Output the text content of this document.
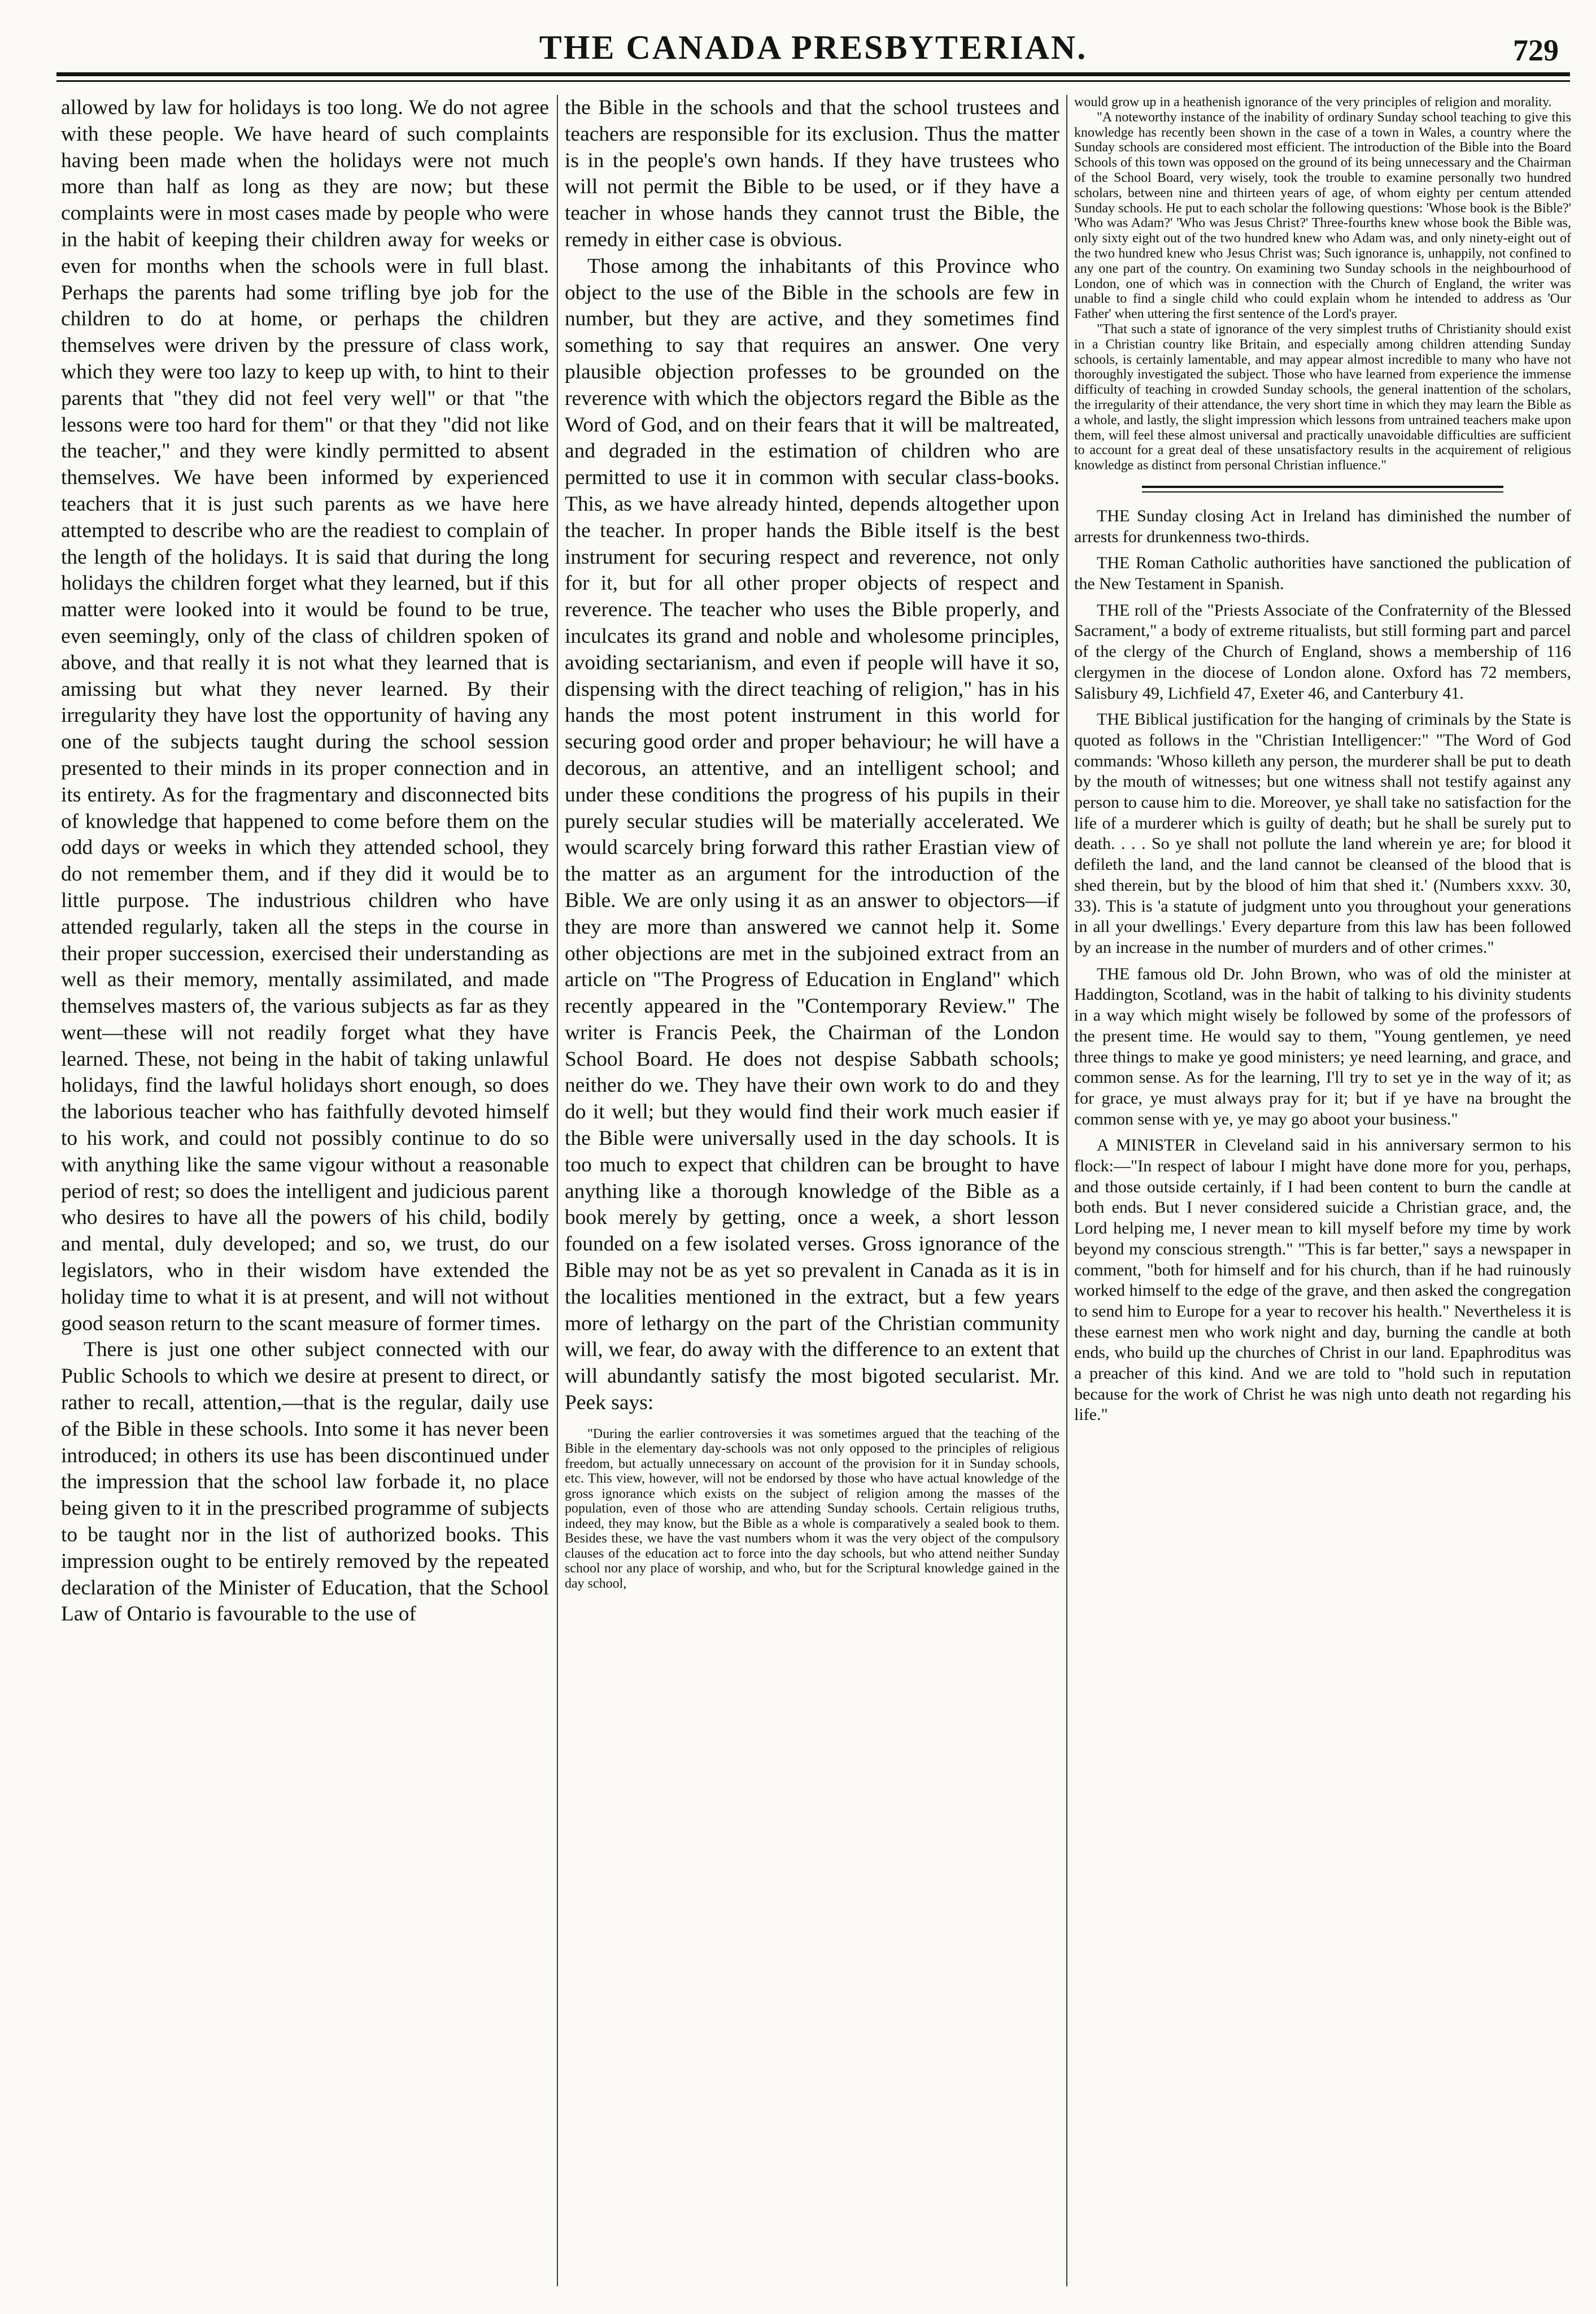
THE CANADA PRESBYTERIAN.	729

allowed by law for holidays is too long. We do not agree with these people. We have heard of such complaints having been made when the holidays were not much more than half as long as they are now; but these complaints were in most cases made by people who were in the habit of keeping their children away for weeks or even for months when the schools were in full blast. Perhaps the parents had some trifling bye job for the children to do at home, or perhaps the children themselves were driven by the pressure of class work, which they were too lazy to keep up with, to hint to their parents that "they did not feel very well" or that "the lessons were too hard for them" or that they "did not like the teacher," and they were kindly permitted to absent themselves. We have been informed by experienced teachers that it is just such parents as we have here attempted to describe who are the readiest to complain of the length of the holidays. It is said that during the long holidays the children forget what they learned, but if this matter were looked into it would be found to be true, even seemingly, only of the class of children spoken of above, and that really it is not what they learned that is amissing but what they never learned. By their irregularity they have lost the opportunity of having any one of the subjects taught during the school session presented to their minds in its proper connection and in its entirety. As for the fragmentary and disconnected bits of knowledge that happened to come before them on the odd days or weeks in which they attended school, they do not remember them, and if they did it would be to little purpose. The industrious children who have attended regularly, taken all the steps in the course in their proper succession, exercised their understanding as well as their memory, mentally assimilated, and made themselves masters of, the various subjects as far as they went—these will not readily forget what they have learned. These, not being in the habit of taking unlawful holidays, find the lawful holidays short enough, so does the laborious teacher who has faithfully devoted himself to his work, and could not possibly continue to do so with anything like the same vigour without a reasonable period of rest; so does the intelligent and judicious parent who desires to have all the powers of his child, bodily and mental, duly developed; and so, we trust, do our legislators, who in their wisdom have extended the holiday time to what it is at present, and will not without good season return to the scant measure of former times.

There is just one other subject connected with our Public Schools to which we desire at present to direct, or rather to recall, attention,—that is the regular, daily use of the Bible in these schools. Into some it has never been introduced; in others its use has been discontinued under the impression that the school law forbade it, no place being given to it in the prescribed programme of subjects to be taught nor in the list of authorized books. This impression ought to be entirely removed by the repeated declaration of the Minister of Education, that the School Law of Ontario is favourable to the use of

the Bible in the schools and that the school trustees and teachers are responsible for its exclusion. Thus the matter is in the people's own hands. If they have trustees who will not permit the Bible to be used, or if they have a teacher in whose hands they cannot trust the Bible, the remedy in either case is obvious.

Those among the inhabitants of this Province who object to the use of the Bible in the schools are few in number, but they are active, and they sometimes find something to say that requires an answer. One very plausible objection professes to be grounded on the reverence with which the objectors regard the Bible as the Word of God, and on their fears that it will be maltreated, and degraded in the estimation of children who are permitted to use it in common with secular class-books. This, as we have already hinted, depends altogether upon the teacher. In proper hands the Bible itself is the best instrument for securing respect and reverence, not only for it, but for all other proper objects of respect and reverence. The teacher who uses the Bible properly, and inculcates its grand and noble and wholesome principles, avoiding sectarianism, and even if people will have it so, dispensing with the direct teaching of religion," has in his hands the most potent instrument in this world for securing good order and proper behaviour; he will have a decorous, an attentive, and an intelligent school; and under these conditions the progress of his pupils in their purely secular studies will be materially accelerated. We would scarcely bring forward this rather Erastian view of the matter as an argument for the introduction of the Bible. We are only using it as an answer to objectors—if they are more than answered we cannot help it. Some other objections are met in the subjoined extract from an article on "The Progress of Education in England" which recently appeared in the "Contemporary Review." The writer is Francis Peek, the Chairman of the London School Board. He does not despise Sabbath schools; neither do we. They have their own work to do and they do it well; but they would find their work much easier if the Bible were universally used in the day schools. It is too much to expect that children can be brought to have anything like a thorough knowledge of the Bible as a book merely by getting, once a week, a short lesson founded on a few isolated verses. Gross ignorance of the Bible may not be as yet so prevalent in Canada as it is in the localities mentioned in the extract, but a few years more of lethargy on the part of the Christian community will, we fear, do away with the difference to an extent that will abundantly satisfy the most bigoted secularist. Mr. Peek says:

"During the earlier controversies it was sometimes argued that the teaching of the Bible in the elementary day-schools was not only opposed to the principles of religious freedom, but actually unnecessary on account of the provision for it in Sunday schools, etc. This view, however, will not be endorsed by those who have actual knowledge of the gross ignorance which exists on the subject of religion among the masses of the population, even of those who are attending Sunday schools. Certain religious truths, indeed, they may know, but the Bible as a whole is comparatively a sealed book to them. Besides these, we have the vast numbers whom it was the very object of the compulsory clauses of the education act to force into the day schools, but who attend neither Sunday school nor any place of worship, and who, but for the Scriptural knowledge gained in the day school,

would grow up in a heathenish ignorance of the very principles of religion and morality.

"A noteworthy instance of the inability of ordinary Sunday school teaching to give this knowledge has recently been shown in the case of a town in Wales, a country where the Sunday schools are considered most efficient. The introduction of the Bible into the Board Schools of this town was opposed on the ground of its being unnecessary and the Chairman of the School Board, very wisely, took the trouble to examine personally two hundred scholars, between nine and thirteen years of age, of whom eighty per centum attended Sunday schools. He put to each scholar the following questions: 'Whose book is the Bible?' 'Who was Adam?' 'Who was Jesus Christ?' Three-fourths knew whose book the Bible was, only sixty eight out of the two hundred knew who Adam was, and only ninety-eight out of the two hundred knew who Jesus Christ was; Such ignorance is, unhappily, not confined to any one part of the country. On examining two Sunday schools in the neighbourhood of London, one of which was in connection with the Church of England, the writer was unable to find a single child who could explain whom he intended to address as 'Our Father' when uttering the first sentence of the Lord's prayer.

"That such a state of ignorance of the very simplest truths of Christianity should exist in a Christian country like Britain, and especially among children attending Sunday schools, is certainly lamentable, and may appear almost incredible to many who have not thoroughly investigated the subject. Those who have learned from experience the immense difficulty of teaching in crowded Sunday schools, the general inattention of the scholars, the irregularity of their attendance, the very short time in which they may learn the Bible as a whole, and lastly, the slight impression which lessons from untrained teachers make upon them, will feel these almost universal and practically unavoidable difficulties are sufficient to account for a great deal of these unsatisfactory results in the acquirement of religious knowledge as distinct from personal Christian influence."

THE Sunday closing Act in Ireland has diminished the number of arrests for drunkenness two-thirds.

THE Roman Catholic authorities have sanctioned the publication of the New Testament in Spanish.

THE roll of the "Priests Associate of the Confraternity of the Blessed Sacrament," a body of extreme ritualists, but still forming part and parcel of the clergy of the Church of England, shows a membership of 116 clergymen in the diocese of London alone. Oxford has 72 members, Salisbury 49, Lichfield 47, Exeter 46, and Canterbury 41.

THE Biblical justification for the hanging of criminals by the State is quoted as follows in the "Christian Intelligencer:" "The Word of God commands: 'Whoso killeth any person, the murderer shall be put to death by the mouth of witnesses; but one witness shall not testify against any person to cause him to die. Moreover, ye shall take no satisfaction for the life of a murderer which is guilty of death; but he shall be surely put to death. . . . So ye shall not pollute the land wherein ye are; for blood it defileth the land, and the land cannot be cleansed of the blood that is shed therein, but by the blood of him that shed it.' (Numbers xxxv. 30, 33). This is 'a statute of judgment unto you throughout your generations in all your dwellings.' Every departure from this law has been followed by an increase in the number of murders and of other crimes."

THE famous old Dr. John Brown, who was of old the minister at Haddington, Scotland, was in the habit of talking to his divinity students in a way which might wisely be followed by some of the professors of the present time. He would say to them, "Young gentlemen, ye need three things to make ye good ministers; ye need learning, and grace, and common sense. As for the learning, I'll try to set ye in the way of it; as for grace, ye must always pray for it; but if ye have na brought the common sense with ye, ye may go aboot your business."

A MINISTER in Cleveland said in his anniversary sermon to his flock:—"In respect of labour I might have done more for you, perhaps, and those outside certainly, if I had been content to burn the candle at both ends. But I never considered suicide a Christian grace, and, the Lord helping me, I never mean to kill myself before my time by work beyond my conscious strength." "This is far better," says a newspaper in comment, "both for himself and for his church, than if he had ruinously worked himself to the edge of the grave, and then asked the congregation to send him to Europe for a year to recover his health." Nevertheless it is these earnest men who work night and day, burning the candle at both ends, who build up the churches of Christ in our land. Epaphroditus was a preacher of this kind. And we are told to "hold such in reputation because for the work of Christ he was nigh unto death not regarding his life."
